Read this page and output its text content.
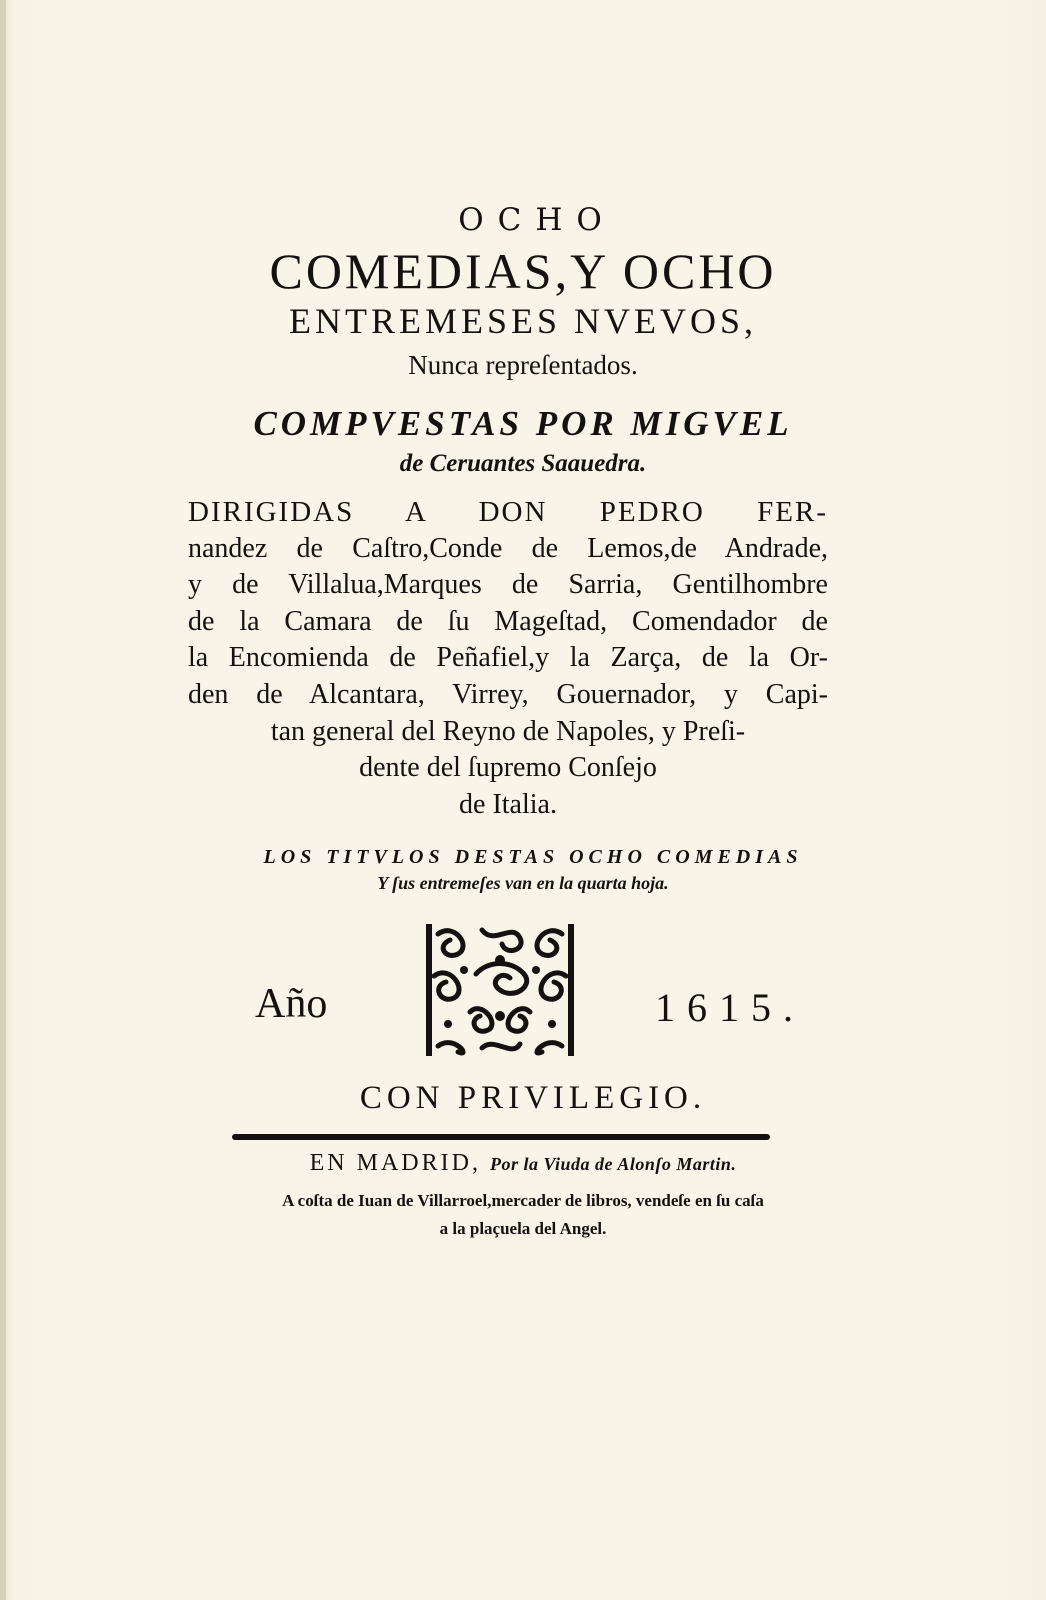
OCHO
COMEDIAS,Y OCHO
ENTREMESES NVEVOS,
Nunca repreſentados.
COMPVESTAS POR MIGVEL
de Ceruantes Saauedra.
DIRIGIDAS A DON PEDRO FER-
nandez de Caſtro,Conde de Lemos,de Andrade,
y de Villalua,Marques de Sarria, Gentilhombre
de la Camara de ſu Mageſtad, Comendador de
la Encomienda de Peñafiel,y la Zarça, de la Or-
den de Alcantara, Virrey, Gouernador, y Capi-
tan general del Reyno de Napoles, y Preſi-
dente del ſupremo Conſejo
de Italia.
LOS TITVLOS DESTAS OCHO COMEDIAS
Y ſus entremeſes van en la quarta hoja.
Año	1615.
CON PRIVILEGIO.
EN MADRID, Por la Viuda de Alonſo Martin.
A coſta de Iuan de Villarroel,mercader de libros, vendeſe en ſu caſa
a la plaçuela del Angel.
